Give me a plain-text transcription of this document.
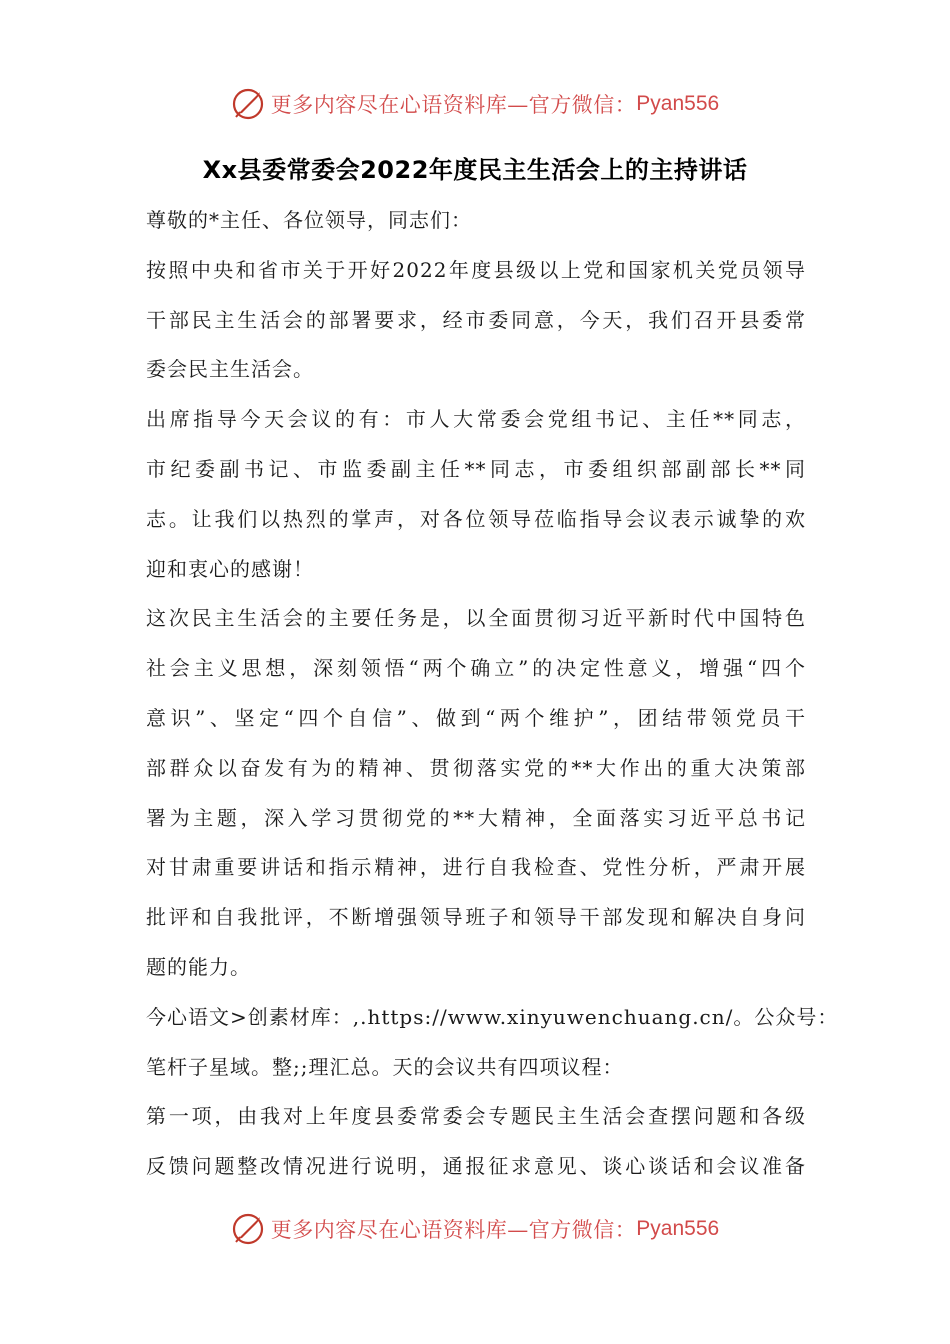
更多内容尽在心语资料库—官方微信： Pyan556
Xx县委常委会2022年度民主生活会上的主持讲话
尊敬的*主任、各位领导，同志们：
按照中央和省市关于开好2022年度县级以上党和国家机关党员领导
干部民主生活会的部署要求，经市委同意，今天，我们召开县委常
委会民主生活会。
出席指导今天会议的有：市人大常委会党组书记、主任**同志，
市纪委副书记、市监委副主任**同志，市委组织部副部长**同
志。让我们以热烈的掌声，对各位领导莅临指导会议表示诚挚的欢
迎和衷心的感谢！
这次民主生活会的主要任务是，以全面贯彻习近平新时代中国特色
社会主义思想，深刻领悟“两个确立”的决定性意义，增强“四个
意识”、坚定“四个自信”、做到“两个维护”，团结带领党员干
部群众以奋发有为的精神、贯彻落实党的**大作出的重大决策部
署为主题，深入学习贯彻党的**大精神，全面落实习近平总书记
对甘肃重要讲话和指示精神，进行自我检查、党性分析，严肃开展
批评和自我批评，不断增强领导班子和领导干部发现和解决自身问
题的能力。
今心语文>创素材库：,.https://www.xinyuwenchuang.cn/。公众号：
笔杆子星域。整;;理汇总。天的会议共有四项议程：
第一项，由我对上年度县委常委会专题民主生活会查摆问题和各级
反馈问题整改情况进行说明，通报征求意见、谈心谈话和会议准备
更多内容尽在心语资料库—官方微信： Pyan556
